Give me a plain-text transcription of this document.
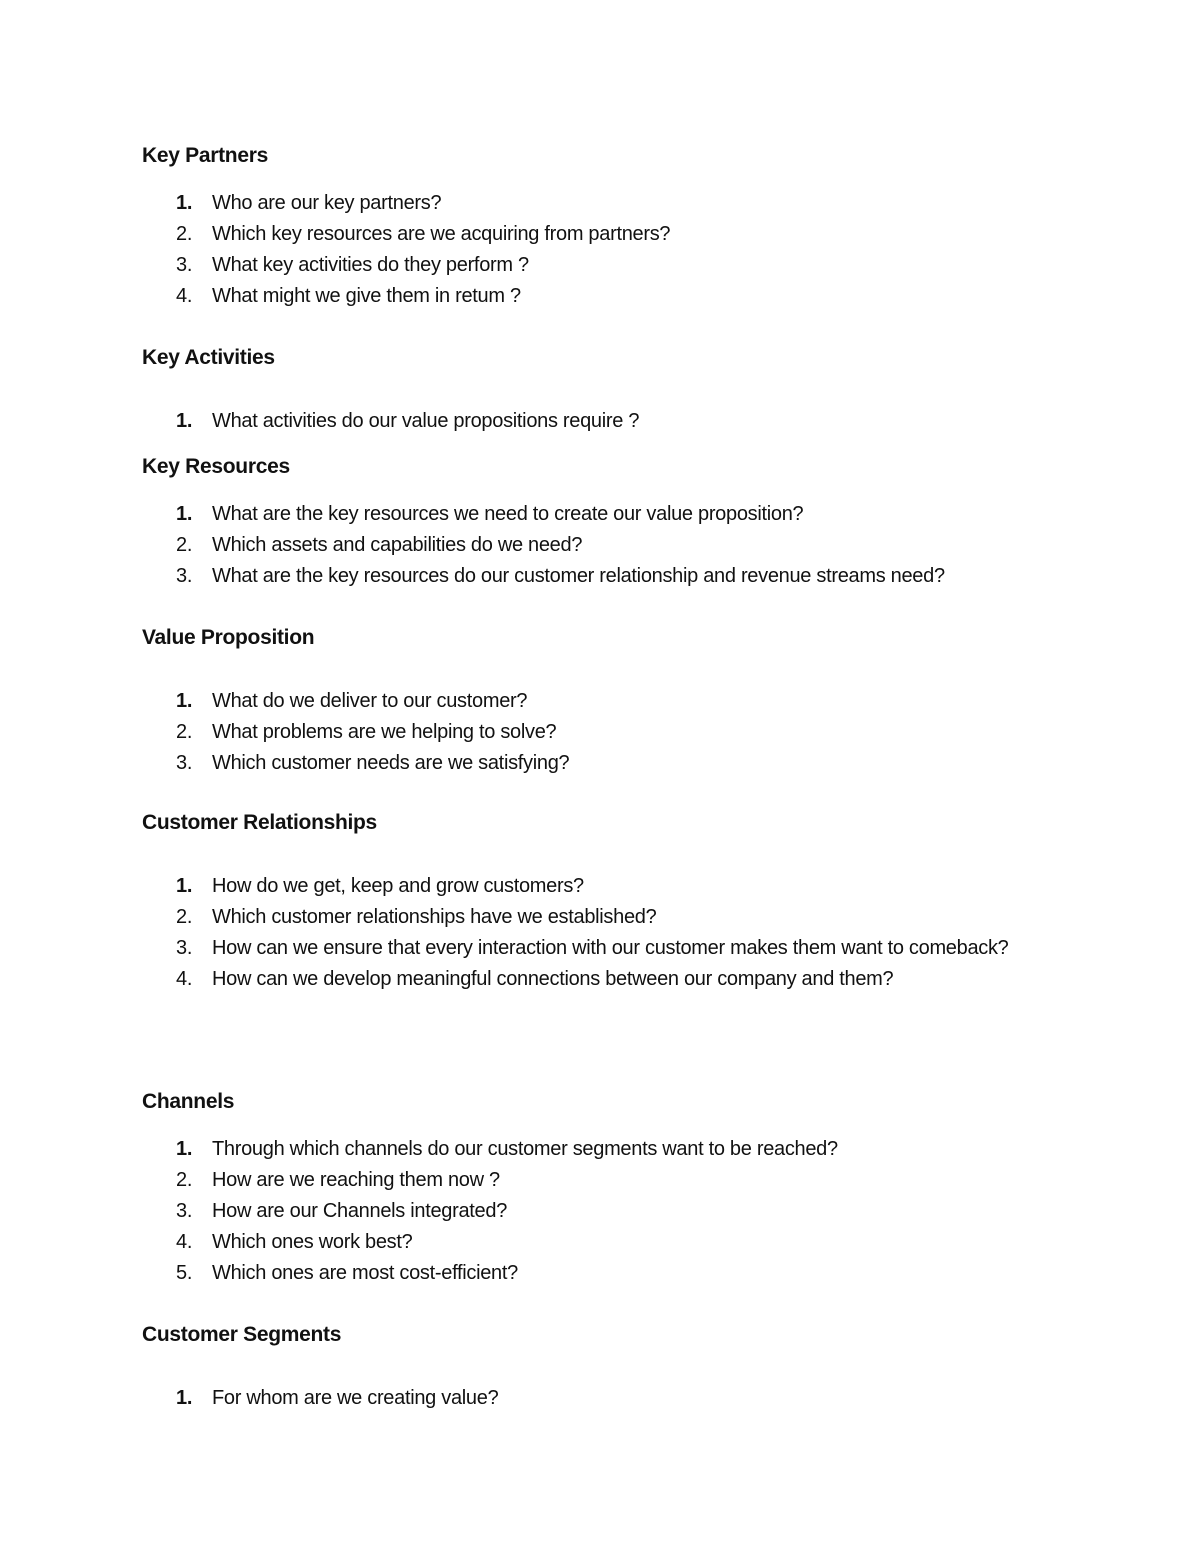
Key Partners
1. Who are our key partners?
2. Which key resources are we acquiring from partners?
3. What key activities do they perform ?
4. What might we give them in retum ?
Key Activities
1. What activities do our value propositions require ?
Key Resources
1. What are the key resources we need to create our value proposition?
2. Which assets and capabilities do we need?
3. What are the key resources do our customer relationship and revenue streams need?
Value Proposition
1. What do we deliver to our customer?
2. What problems are we helping to solve?
3. Which customer needs are we satisfying?
Customer Relationships
1. How do we get, keep and grow customers?
2. Which customer relationships have we established?
3. How can we ensure that every interaction with our customer makes them want to comeback?
4. How can we develop meaningful connections between our company and them?
Channels
1. Through which channels do our customer segments want to be reached?
2. How are we reaching them now ?
3. How are our Channels integrated?
4. Which ones work best?
5. Which ones are most cost-efficient?
Customer Segments
1. For whom are we creating value?
